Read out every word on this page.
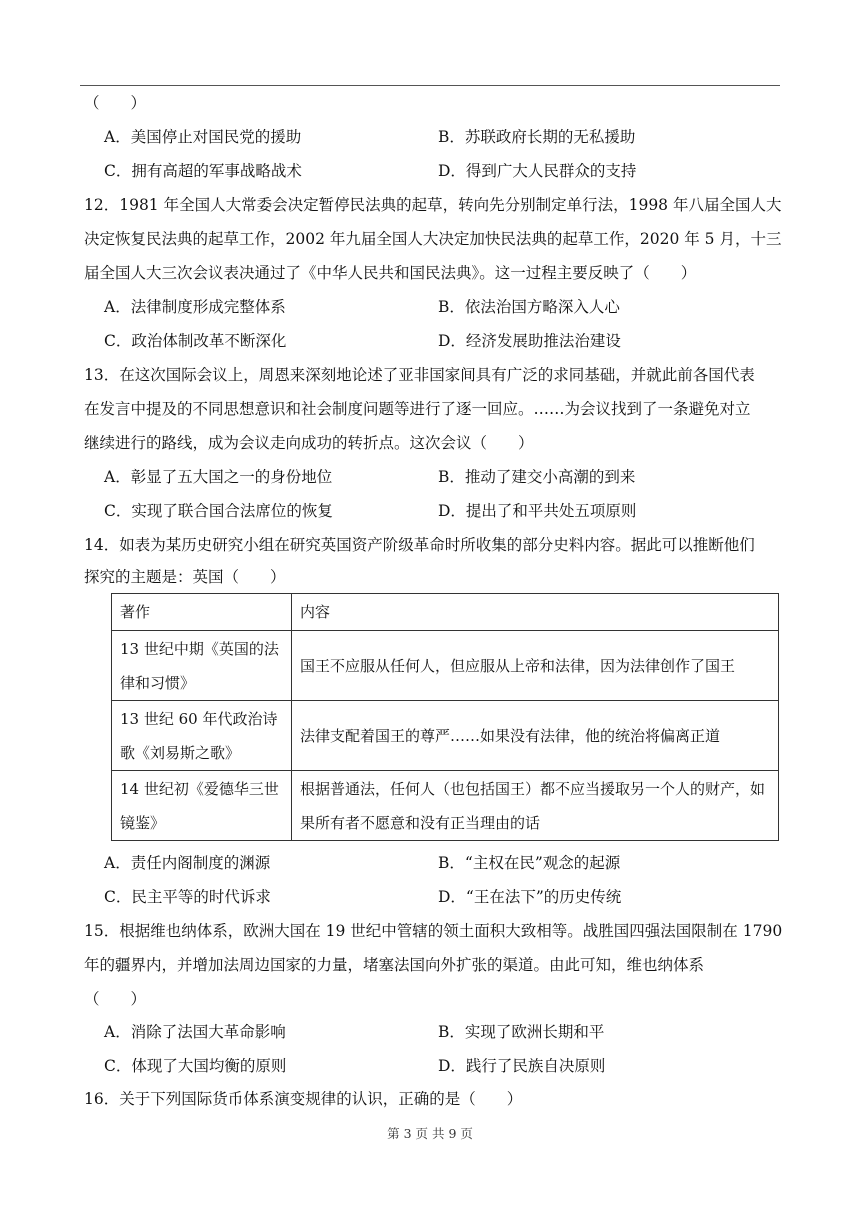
（　　）
A．美国停止对国民党的援助	B．苏联政府长期的无私援助
C．拥有高超的军事战略战术	D．得到广大人民群众的支持
12．1981 年全国人大常委会决定暂停民法典的起草，转向先分别制定单行法，1998 年八届全国人大
决定恢复民法典的起草工作，2002 年九届全国人大决定加快民法典的起草工作，2020 年 5 月，十三
届全国人大三次会议表决通过了《中华人民共和国民法典》。这一过程主要反映了（　　）
A．法律制度形成完整体系	B．依法治国方略深入人心
C．政治体制改革不断深化	D．经济发展助推法治建设
13．在这次国际会议上，周恩来深刻地论述了亚非国家间具有广泛的求同基础，并就此前各国代表
在发言中提及的不同思想意识和社会制度问题等进行了逐一回应。……为会议找到了一条避免对立
继续进行的路线，成为会议走向成功的转折点。这次会议（　　）
A．彰显了五大国之一的身份地位	B．推动了建交小高潮的到来
C．实现了联合国合法席位的恢复	D．提出了和平共处五项原则
14．如表为某历史研究小组在研究英国资产阶级革命时所收集的部分史料内容。据此可以推断他们
探究的主题是：英国（　　）
著作	内容
13 世纪中期《英国的法律和习惯》	国王不应服从任何人，但应服从上帝和法律，因为法律创作了国王
13 世纪 60 年代政治诗歌《刘易斯之歌》	法律支配着国王的尊严……如果没有法律，他的统治将偏离正道
14 世纪初《爱德华三世镜鉴》	根据普通法，任何人（也包括国王）都不应当援取另一个人的财产，如果所有者不愿意和没有正当理由的话
A．责任内阁制度的渊源	B．“主权在民”观念的起源
C．民主平等的时代诉求	D．“王在法下”的历史传统
15．根据维也纳体系，欧洲大国在 19 世纪中管辖的领土面积大致相等。战胜国四强法国限制在 1790
年的疆界内，并增加法周边国家的力量，堵塞法国向外扩张的渠道。由此可知，维也纳体系
（　　）
A．消除了法国大革命影响	B．实现了欧洲长期和平
C．体现了大国均衡的原则	D．践行了民族自决原则
16．关于下列国际货币体系演变规律的认识，正确的是（　　）
第 3 页 共 9 页
